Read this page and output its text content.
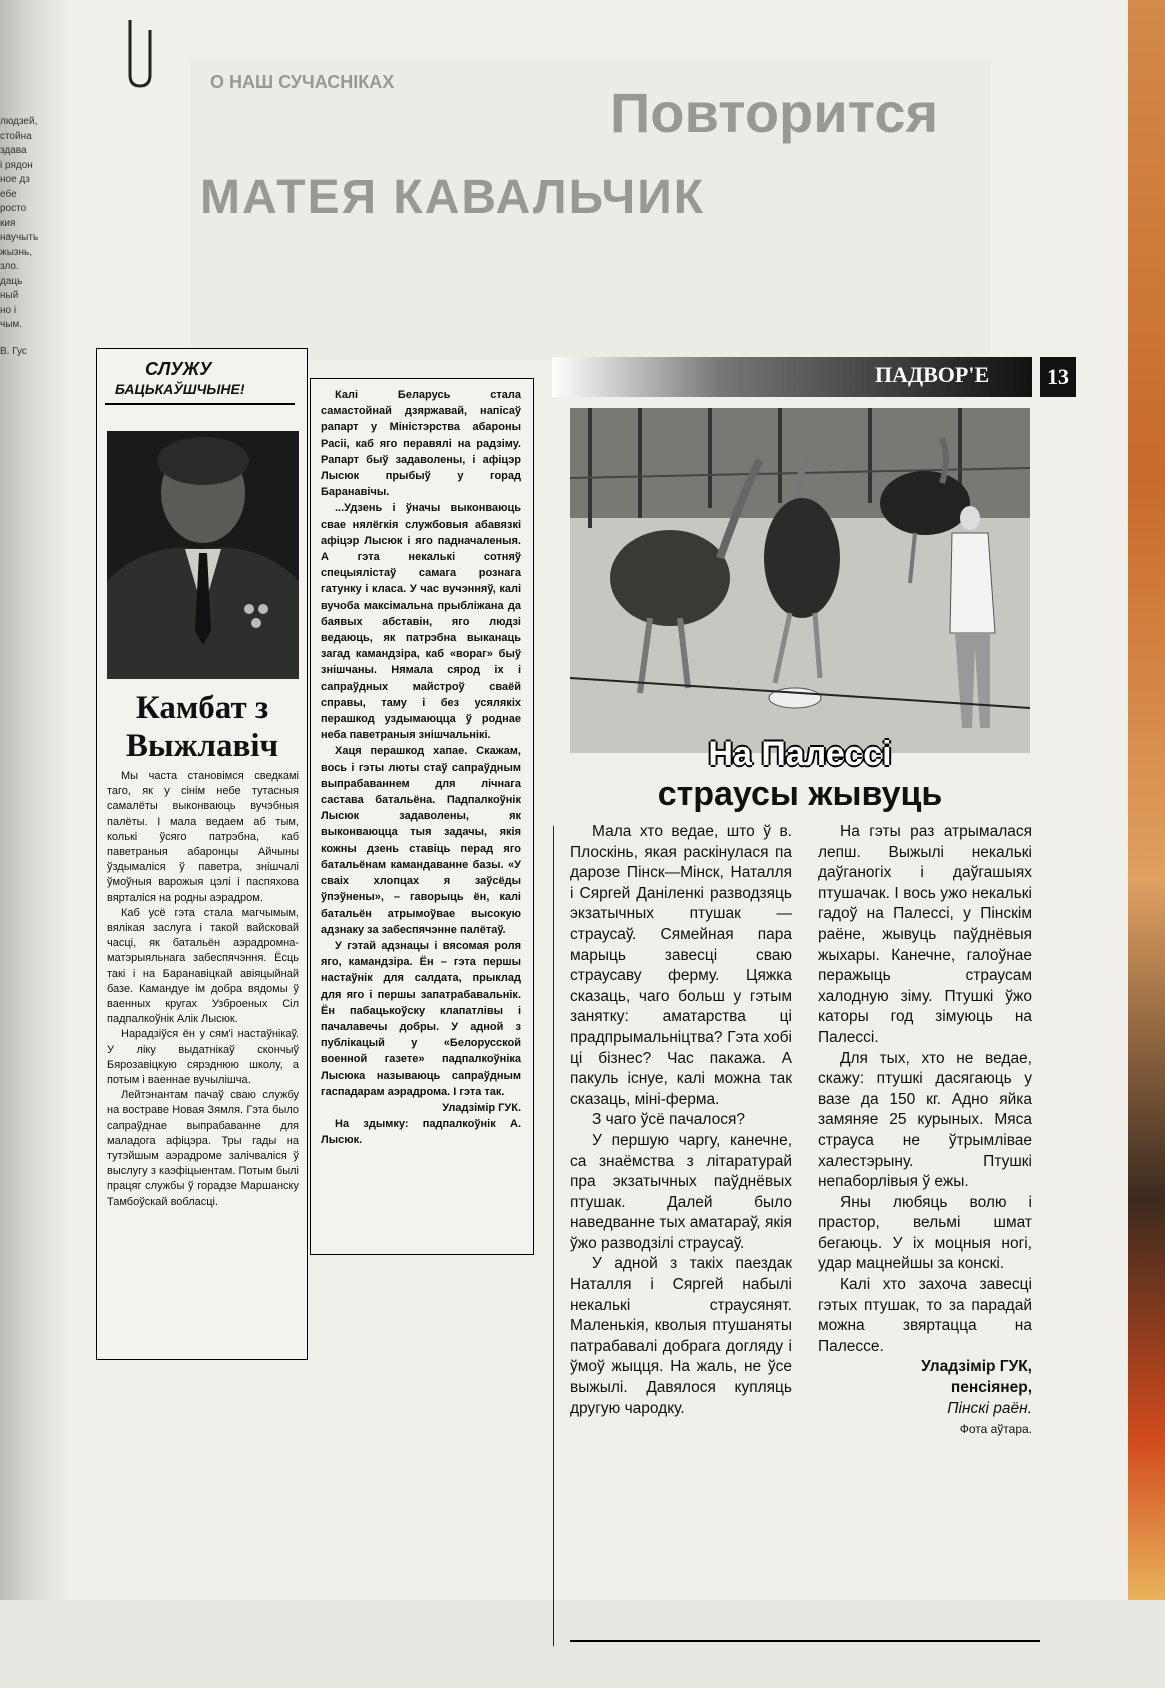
людзей,
стойна
здава
і рядон
ное дз
ебе
росто
кия
научыть
жызнь,
зло.
даць
ный
но і
чым.
В. Гус
О НАШ СУЧАСНІКАХ	Повторится
МАТЕЯ КАВАЛЬЧИК
СЛУЖУ
БАЦЬКАЎШЧЫНЕ!
Камбат з Выжлавіч

Мы часта становімся сведкамі таго, як у сінім небе тутасныя самалёты выконваюць вучэбныя палёты. І мала ведаем аб тым, колькі ўсяго патрэбна, каб паветраныя абаронцы Айчыны ўздымаліся ў паветра, знішчалі ўмоўныя варожыя цэлі і паспяхова вярталіся на родны аэрадром.

Каб усё гэта стала магчымым, вялікая заслуга і такой вайсковай часці, як батальён аэрадромна-матэрыяльнага забеспячэння. Ёсць такі і на Баранавіцкай авіяцыйнай базе. Камандуе ім добра вядомы ў ваенных кругах Узброеных Сіл падпалкоўнік Алік Лысюк.

Нарадзіўся ён у сям'і настаўнікаў. У ліку выдатнікаў скончыў Бярозавіцкую сярэднюю школу, а потым і ваеннае вучылішча.

Лейтэнантам пачаў сваю службу на востраве Новая Зямля. Гэта было сапраўднае выпрабаванне для маладога афіцэра. Тры гады на тутэйшым аэрадроме залічваліся ў выслугу з каэфіцыентам. Потым былі працяг службы ў горадзе Маршанску Тамбоўскай вобласці.

Калі Беларусь стала самастойнай дзяржавай, напісаў рапарт у Міністэрства абароны Расіі, каб яго перавялі на радзіму. Рапарт быў задаволены, і афіцэр Лысюк прыбыў у горад Баранавічы.

...Удзень і ўначы выконваюць свае нялёгкія службовыя абавязкі афіцэр Лысюк і яго падначаленыя. А гэта некалькі сотняў спецыялістаў самага рознага гатунку і класа. У час вучэнняў, калі вучоба максімальна прыбліжана да баявых абставін, яго людзі ведаюць, як патрэбна выканаць загад камандзіра, каб «вораг» быў знішчаны. Нямала сярод іх і сапраўдных майстроў сваёй справы, таму і без усялякіх перашкод уздымаюцца ў роднае неба паветраныя знішчальнікі.

Хаця перашкод хапае. Скажам, вось і гэты люты стаў сапраўдным выпрабаваннем для лічнага састава батальёна. Падпалкоўнік Лысюк задаволены, як выконваюцца тыя задачы, якія кожны дзень ставіць перад яго батальёнам камандаванне базы. «У сваіх хлопцах я заўсёды ўпэўнены», – гаворыць ён, калі батальён атрымоўвае высокую адзнаку за забеспячэнне палётаў.

У гэтай адзнацы і вясомая роля яго, камандзіра. Ён – гэта першы настаўнік для салдата, прыклад для яго і першы запатрабавальнік. Ён пабацькоўску клапатлівы і пачалавечы добры. У адной з публікацый у «Белорусской военной газете» падпалкоўніка Лысюка называюць сапраўдным гаспадарам аэрадрома. І гэта так.

Уладзімір ГУК.
На здымку: падпалкоўнік А. Лысюк.
ПАДВОР'Е	13
На Палессі
страусы жывуць

Мала хто ведае, што ў в. Плоскінь, якая раскінулася па дарозе Пінск—Мінск, Наталля і Сяргей Даніленкі разводзяць экзатычных птушак — страусаў. Сямейная пара марыць завесці сваю страусаву ферму. Цяжка сказаць, чаго больш у гэтым занятку: аматарства ці прадпрымальніцтва? Гэта хобі ці бізнес? Час пакажа. А пакуль існуе, калі можна так сказаць, міні-ферма.

З чаго ўсё пачалося?

У першую чаргу, канечне, са знаёмства з літаратурай пра экзатычных паўднёвых птушак. Далей было наведванне тых аматараў, якія ўжо разводзілі страусаў.

У адной з такіх паездак Наталля і Сяргей набылі некалькі страусянят. Маленькія, кволыя птушаняты патрабавалі добрага догляду і ўмоў жыцця. На жаль, не ўсе выжылі. Давялося купляць другую чародку.

На гэты раз атрымалася лепш. Выжылі некалькі даўганогіх і даўгашыях птушачак. І вось ужо некалькі гадоў на Палессі, у Пінскім раёне, жывуць паўднёвыя жыхары. Канечне, галоўнае перажыць страусам халодную зіму. Птушкі ўжо каторы год зімуюць на Палессі.

Для тых, хто не ведае, скажу: птушкі дасягаюць у вазе да 150 кг. Адно яйка замяняе 25 курыных. Мяса страуса не ўтрымлівае халестэрыну. Птушкі непаборлівыя ў ежы.

Яны любяць волю і прастор, вельмі шмат бегаюць. У іх моцныя ногі, удар мацнейшы за конскі.

Калі хто захоча завесці гэтых птушак, то за парадай можна звяртацца на Палессе.

Уладзімір ГУК,

пенсіянер,

Пінскі раён.

Фота аўтара.
